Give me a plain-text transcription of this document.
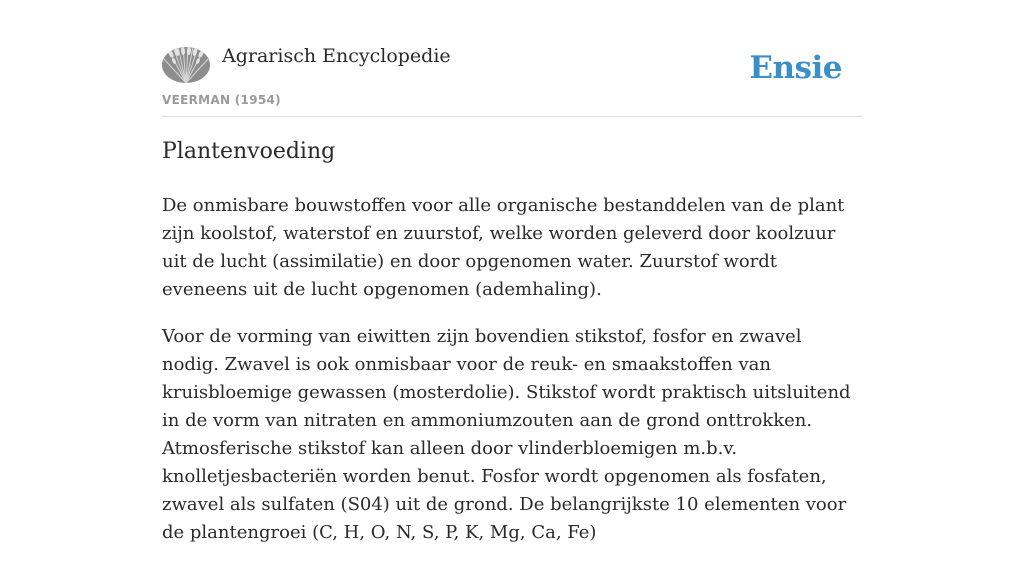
Agrarisch Encyclopedie
VEERMAN (1954)
Ensie
Plantenvoeding

De onmisbare bouwstoffen voor alle organische bestanddelen van de plant zijn koolstof, waterstof en zuurstof, welke worden geleverd door koolzuur uit de lucht (assimilatie) en door opgenomen water. Zuurstof wordt eveneens uit de lucht opgenomen (ademhaling).

Voor de vorming van eiwitten zijn bovendien stikstof, fosfor en zwavel nodig. Zwavel is ook onmisbaar voor de reuk- en smaakstoffen van kruisbloemige gewassen (mosterdolie). Stikstof wordt praktisch uitsluitend in de vorm van nitraten en ammoniumzouten aan de grond onttrokken. Atmosferische stikstof kan alleen door vlinderbloemigen m.b.v. knolletjesbacteriën worden benut. Fosfor wordt opgenomen als fosfaten, zwavel als sulfaten (S04) uit de grond. De belangrijkste 10 elementen voor de plantengroei (C, H, O, N, S, P, K, Mg, Ca, Fe)
